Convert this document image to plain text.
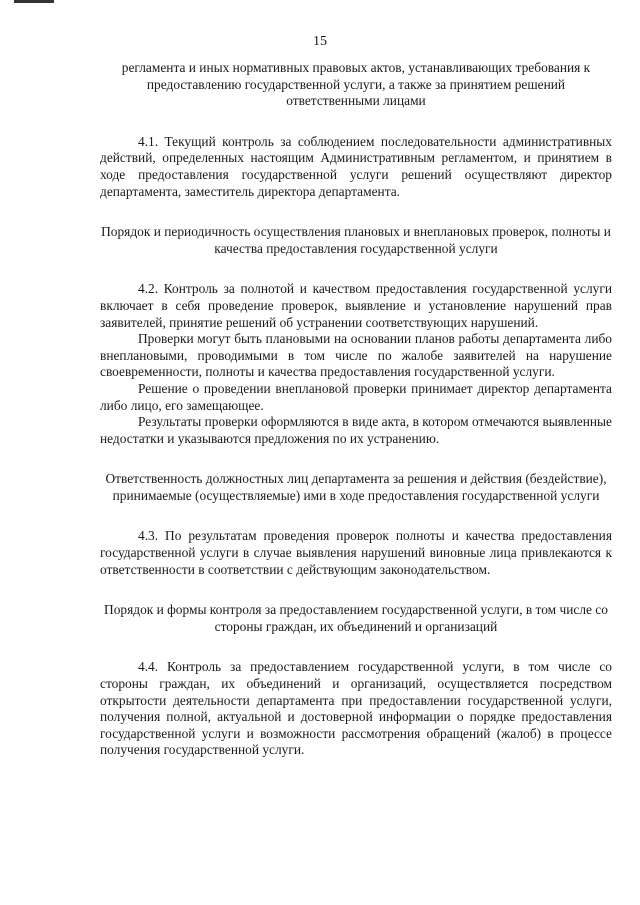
15

регламента и иных нормативных правовых актов, устанавливающих требования к предоставлению государственной услуги, а также за принятием решений ответственными лицами

4.1. Текущий контроль за соблюдением последовательности административных действий, определенных настоящим Административным регламентом, и принятием в ходе предоставления государственной услуги решений осуществляют директор департамента, заместитель директора департамента.

Порядок и периодичность осуществления плановых и внеплановых проверок, полноты и качества предоставления государственной услуги

4.2. Контроль за полнотой и качеством предоставления государственной услуги включает в себя проведение проверок, выявление и установление нарушений прав заявителей, принятие решений об устранении соответствующих нарушений.

Проверки могут быть плановыми на основании планов работы департамента либо внеплановыми, проводимыми в том числе по жалобе заявителей на нарушение своевременности, полноты и качества предоставления государственной услуги.

Решение о проведении внеплановой проверки принимает директор департамента либо лицо, его замещающее.

Результаты проверки оформляются в виде акта, в котором отмечаются выявленные недостатки и указываются предложения по их устранению.

Ответственность должностных лиц департамента за решения и действия (бездействие), принимаемые (осуществляемые) ими в ходе предоставления государственной услуги

4.3. По результатам проведения проверок полноты и качества предоставления государственной услуги в случае выявления нарушений виновные лица привлекаются к ответственности в соответствии с действующим законодательством.

Порядок и формы контроля за предоставлением государственной услуги, в том числе со стороны граждан, их объединений и организаций

4.4. Контроль за предоставлением государственной услуги, в том числе со стороны граждан, их объединений и организаций, осуществляется посредством открытости деятельности департамента при предоставлении государственной услуги, получения полной, актуальной и достоверной информации о порядке предоставления государственной услуги и возможности рассмотрения обращений (жалоб) в процессе получения государственной услуги.
